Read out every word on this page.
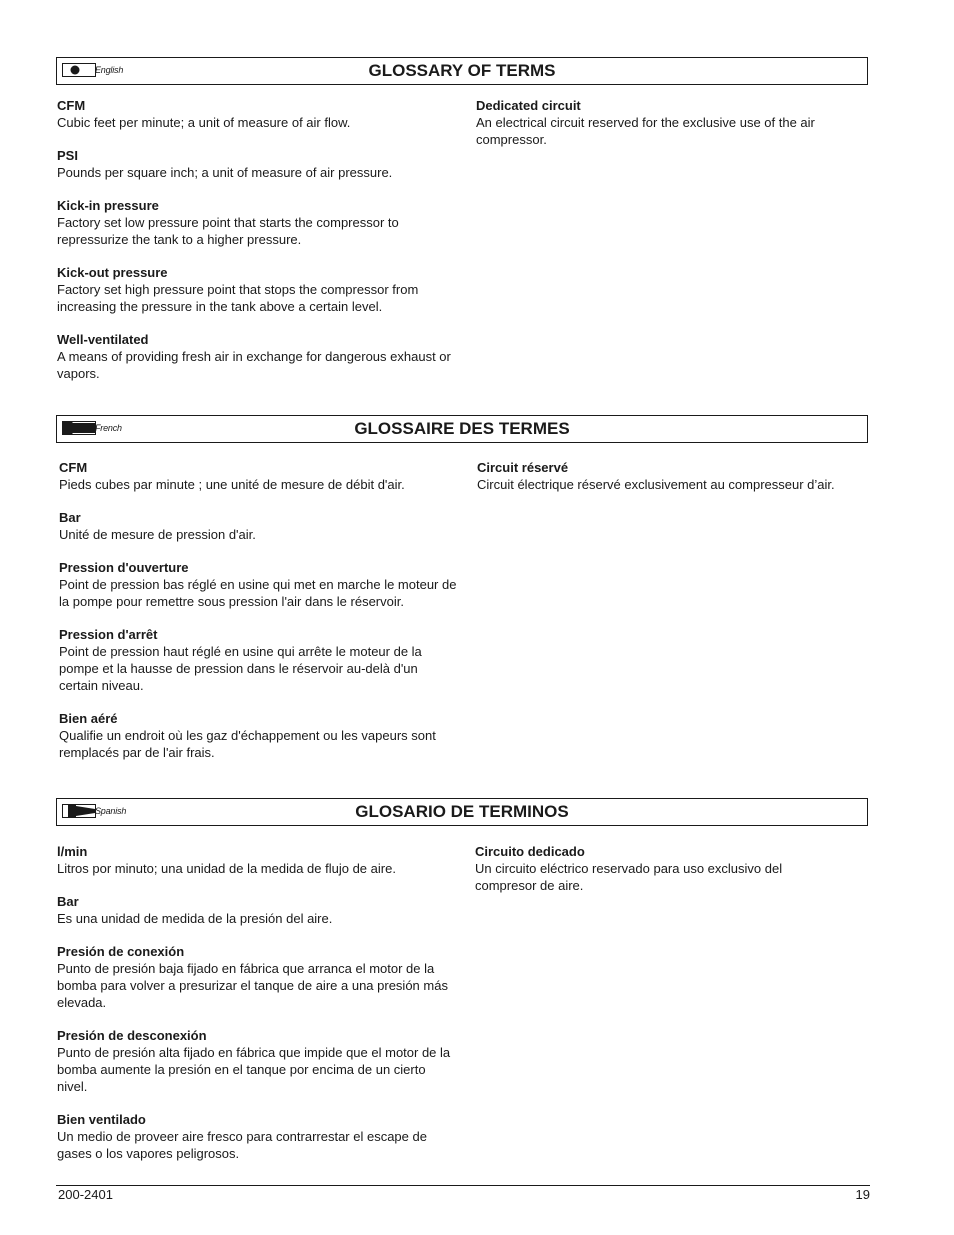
English	GLOSSARY OF TERMS
CFM
Cubic feet per minute; a unit of measure of air flow.
PSI
Pounds per square inch; a unit of measure of air pressure.
Kick-in pressure
Factory set low pressure point that starts the compressor to repressurize the tank to a higher pressure.
Kick-out pressure
Factory set high pressure point that stops the compressor from increasing the pressure in the tank above a certain level.
Well-ventilated
A means of providing fresh air in exchange for dangerous exhaust or vapors.
Dedicated circuit
An electrical circuit reserved for the exclusive use of the air compressor.
French	GLOSSAIRE DES TERMES
CFM
Pieds cubes par minute ; une unité de mesure de débit d'air.
Bar
Unité de mesure de pression d'air.
Pression d'ouverture
Point de pression bas réglé en usine qui met en marche le moteur de la pompe pour remettre sous pression l'air dans le réservoir.
Pression d'arrêt
Point de pression haut réglé en usine qui arrête le moteur de la pompe et la hausse de pression dans le réservoir au-delà d'un certain niveau.
Bien aéré
Qualifie un endroit où les gaz d'échappement ou les vapeurs sont remplacés par de l'air frais.
Circuit réservé
Circuit électrique réservé exclusivement au compresseur d’air.
Spanish	GLOSARIO DE TERMINOS
l/min
Litros por minuto; una unidad de la medida de flujo de aire.
Bar
Es una unidad de medida de la presión del aire.
Presión de conexión
Punto de presión baja fijado en fábrica que arranca el motor de la bomba para volver a presurizar el tanque de aire a una presión más elevada.
Presión de desconexión
Punto de presión alta fijado en fábrica que impide que el motor de la bomba aumente la presión en el tanque por encima de un cierto nivel.
Bien ventilado
Un medio de proveer aire fresco para contrarrestar el escape de gases o los vapores peligrosos.
Circuito dedicado
Un circuito eléctrico reservado para uso exclusivo del compresor de aire.
200-2401	19
